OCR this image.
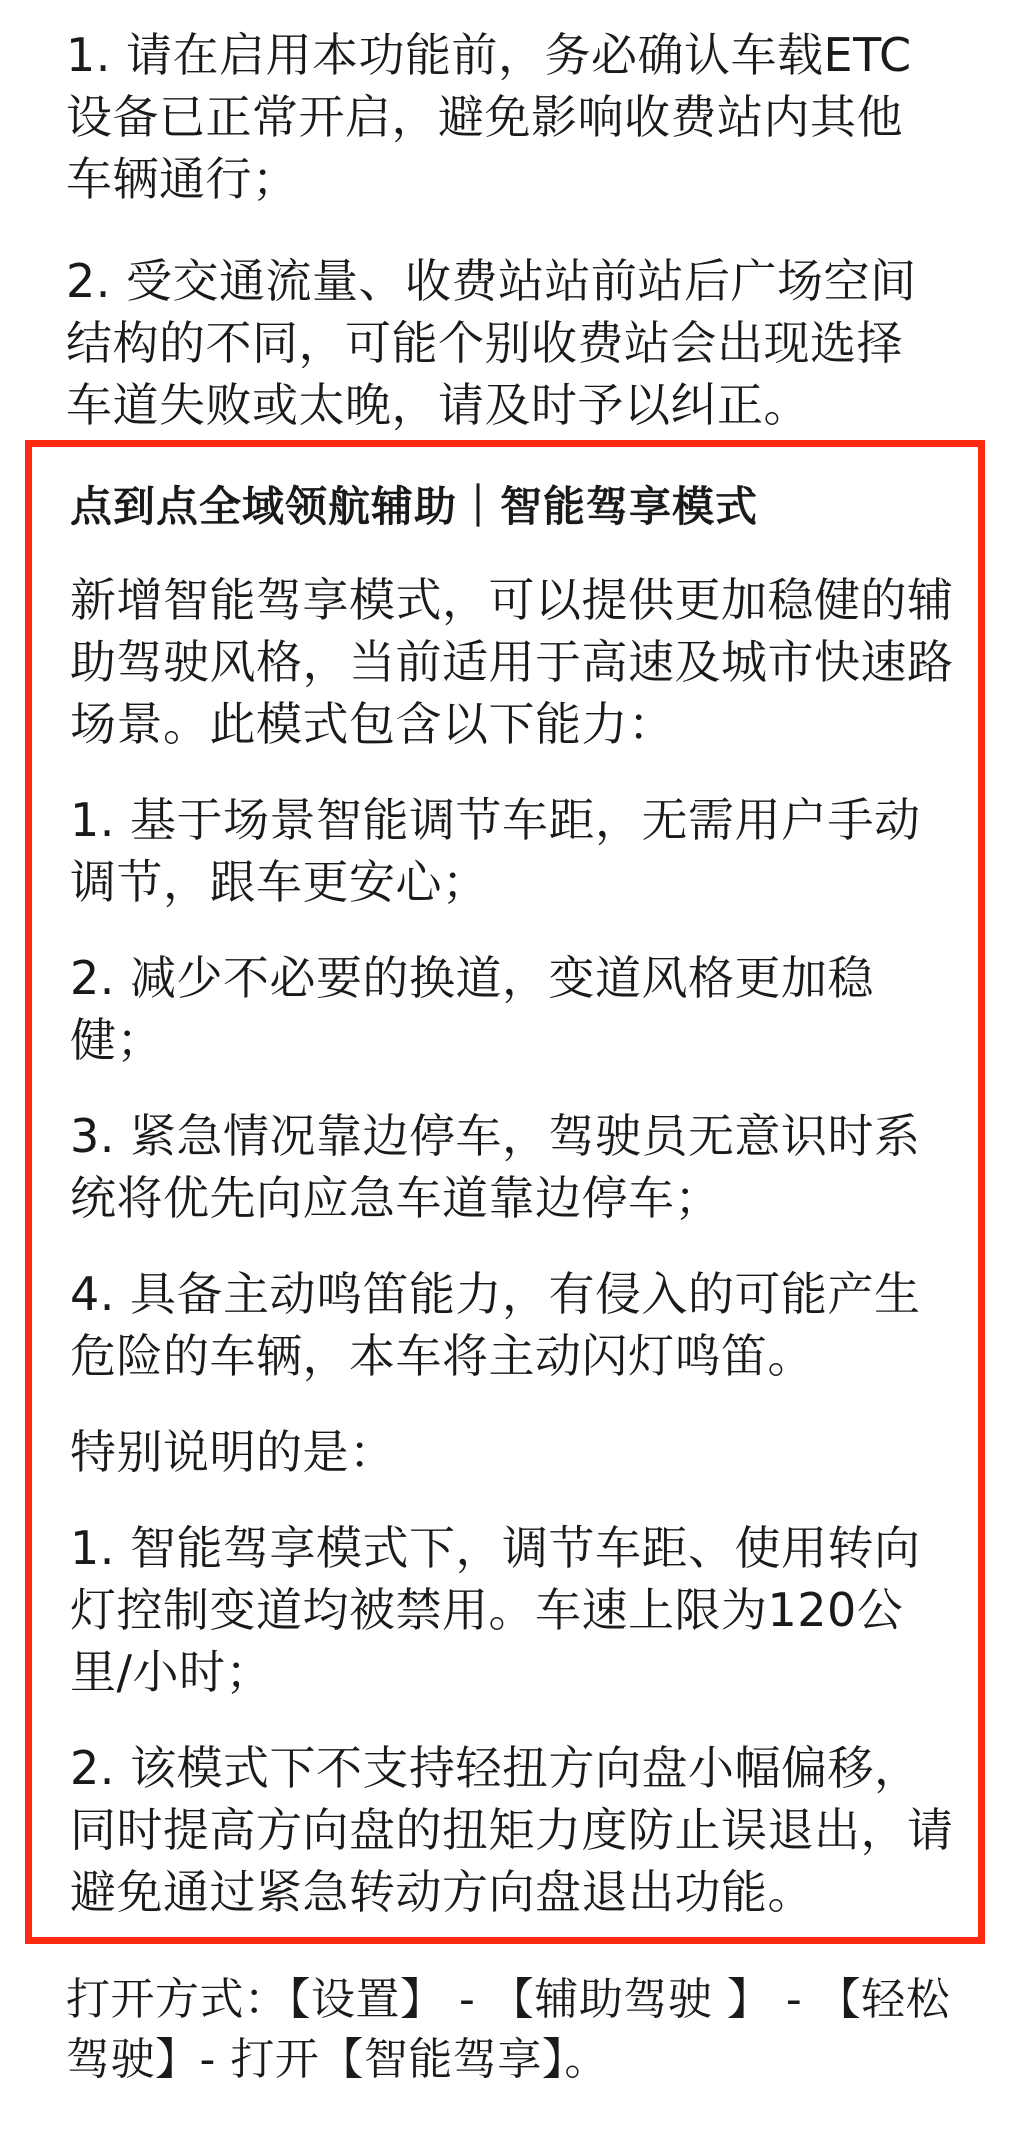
1. 请在启用本功能前，务必确认车载ETC设备已正常开启，避免影响收费站内其他车辆通行；

2. 受交通流量、收费站站前站后广场空间结构的不同，可能个别收费站会出现选择车道失败或太晚，请及时予以纠正。

点到点全域领航辅助｜智能驾享模式

新增智能驾享模式，可以提供更加稳健的辅助驾驶风格，当前适用于高速及城市快速路场景。此模式包含以下能力：

1. 基于场景智能调节车距，无需用户手动调节，跟车更安心；

2. 减少不必要的换道，变道风格更加稳健；

3. 紧急情况靠边停车，驾驶员无意识时系统将优先向应急车道靠边停车；

4. 具备主动鸣笛能力，有侵入的可能产生危险的车辆，本车将主动闪灯鸣笛。

特别说明的是：

1. 智能驾享模式下，调节车距、使用转向灯控制变道均被禁用。车速上限为120公里/小时；

2. 该模式下不支持轻扭方向盘小幅偏移，同时提高方向盘的扭矩力度防止误退出，请避免通过紧急转动方向盘退出功能。

打开方式：【设置】 - 【辅助驾驶 】 - 【轻松驾驶】- 打开【智能驾享】。
